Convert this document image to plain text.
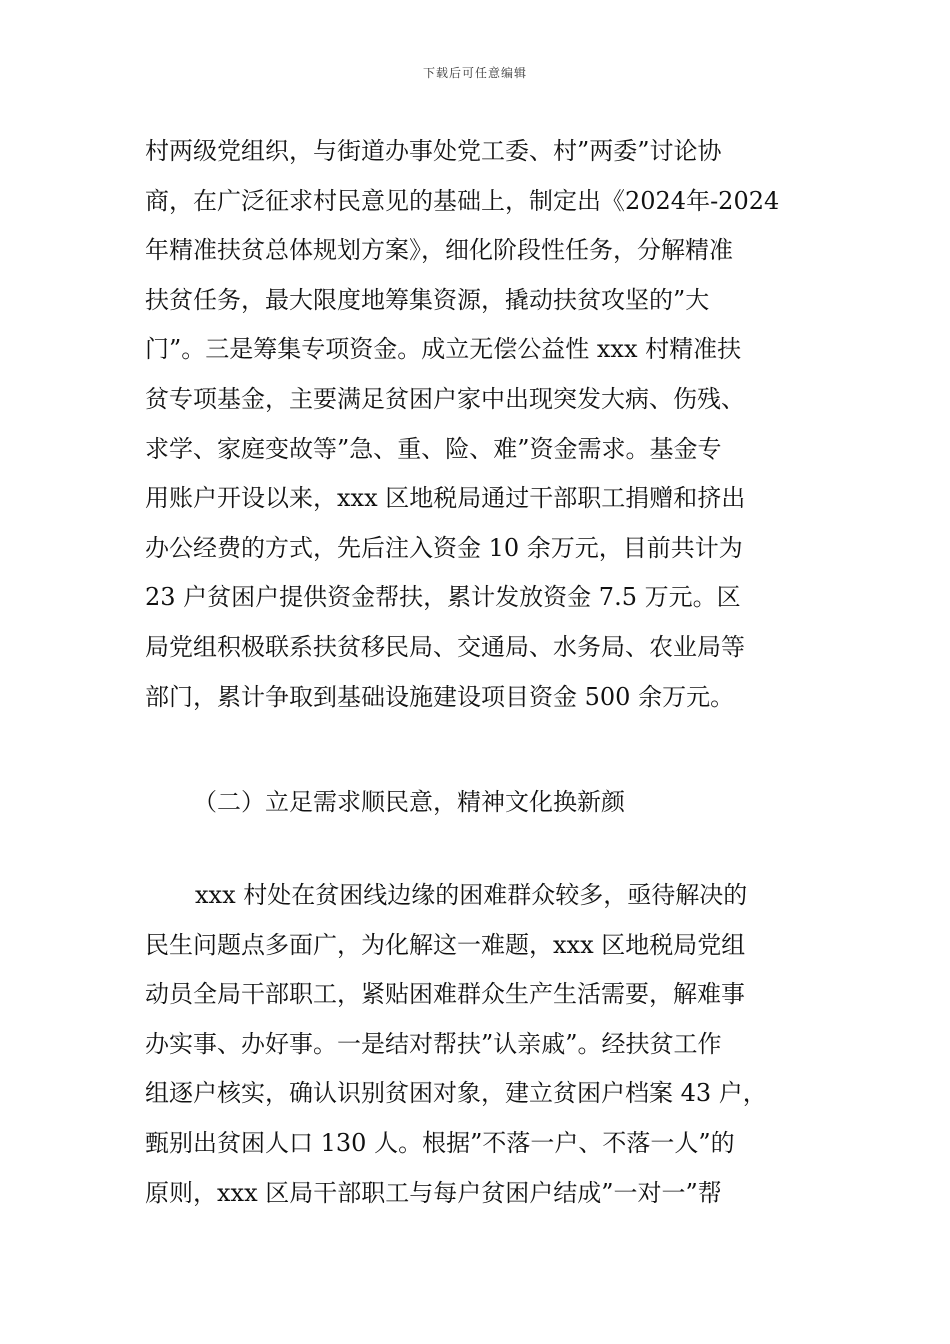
下载后可任意编辑
村两级党组织，与街道办事处党工委、村”两委”讨论协
商，在广泛征求村民意见的基础上，制定出《2024年-2024
年精准扶贫总体规划方案》，细化阶段性任务，分解精准
扶贫任务，最大限度地筹集资源，撬动扶贫攻坚的”大
门”。三是筹集专项资金。成立无偿公益性 xxx 村精准扶
贫专项基金，主要满足贫困户家中出现突发大病、伤残、
求学、家庭变故等”急、重、险、难”资金需求。基金专
用账户开设以来，xxx 区地税局通过干部职工捐赠和挤出
办公经费的方式，先后注入资金 10 余万元，目前共计为
23 户贫困户提供资金帮扶，累计发放资金 7.5 万元。区
局党组积极联系扶贫移民局、交通局、水务局、农业局等
部门，累计争取到基础设施建设项目资金 500 余万元。
（二）立足需求顺民意，精神文化换新颜
xxx 村处在贫困线边缘的困难群众较多，亟待解决的
民生问题点多面广，为化解这一难题，xxx 区地税局党组
动员全局干部职工，紧贴困难群众生产生活需要，解难事
办实事、办好事。一是结对帮扶”认亲戚”。经扶贫工作
组逐户核实，确认识别贫困对象，建立贫困户档案 43 户，
甄别出贫困人口 130 人。根据”不落一户、不落一人”的
原则，xxx 区局干部职工与每户贫困户结成”一对一”帮
